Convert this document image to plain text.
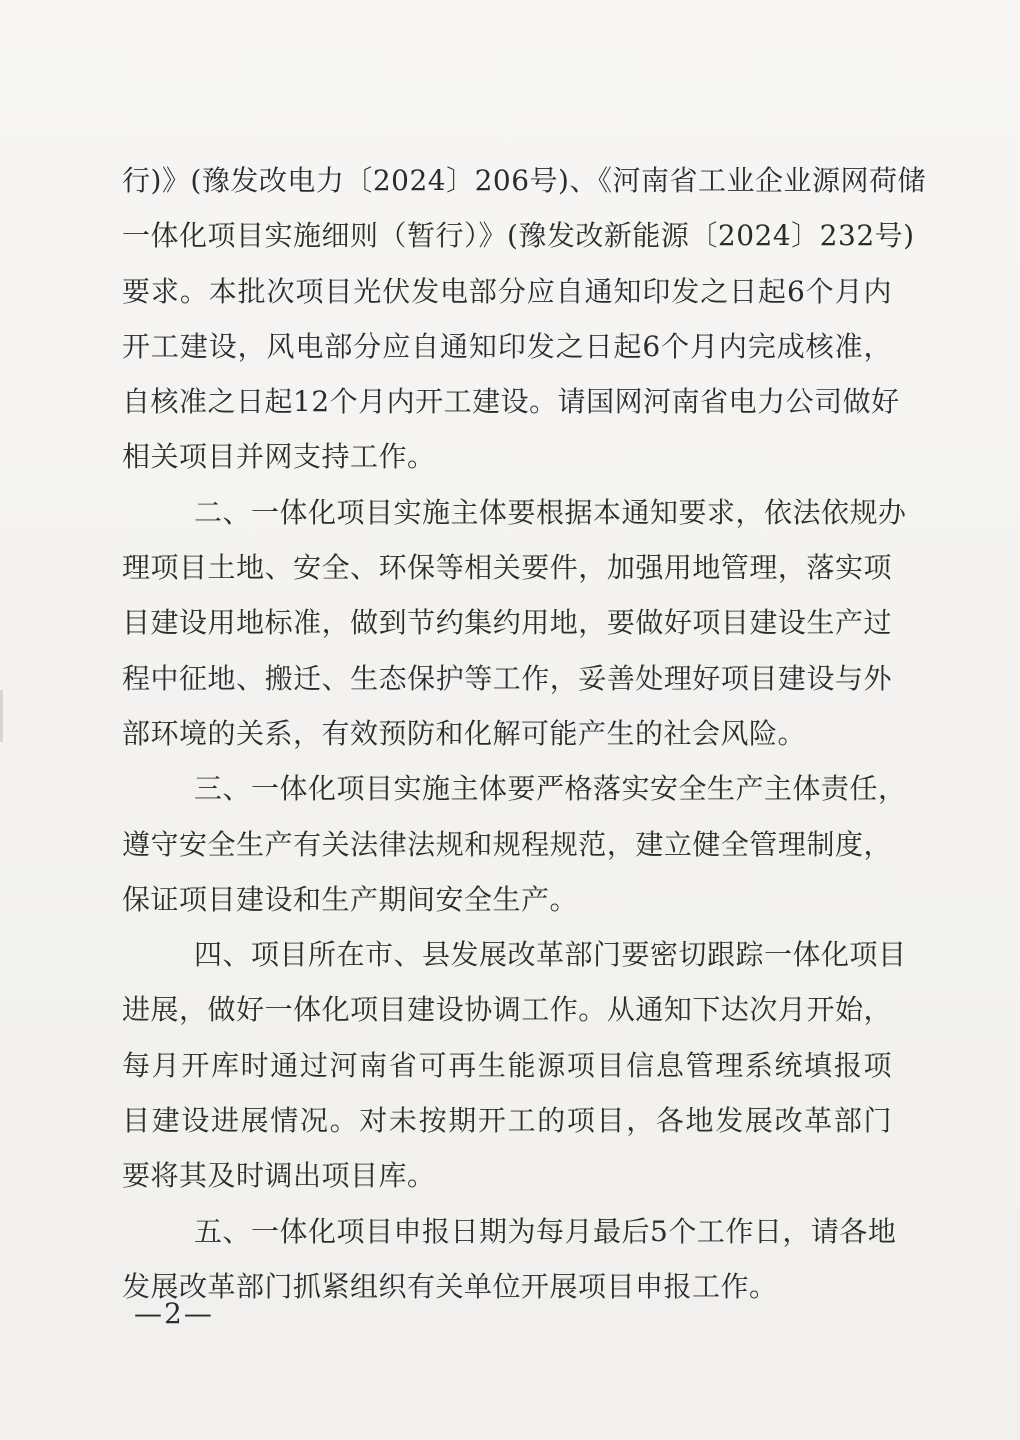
行)》(豫发改电力〔2024〕206号)、《河南省工业企业源网荷储
一体化项目实施细则（暂行）》(豫发改新能源〔2024〕232号)
要求。本批次项目光伏发电部分应自通知印发之日起6个月内
开工建设，风电部分应自通知印发之日起6个月内完成核准，
自核准之日起12个月内开工建设。请国网河南省电力公司做好
相关项目并网支持工作。
二、一体化项目实施主体要根据本通知要求，依法依规办
理项目土地、安全、环保等相关要件，加强用地管理，落实项
目建设用地标准，做到节约集约用地，要做好项目建设生产过
程中征地、搬迁、生态保护等工作，妥善处理好项目建设与外
部环境的关系，有效预防和化解可能产生的社会风险。
三、一体化项目实施主体要严格落实安全生产主体责任，
遵守安全生产有关法律法规和规程规范，建立健全管理制度，
保证项目建设和生产期间安全生产。
四、项目所在市、县发展改革部门要密切跟踪一体化项目
进展，做好一体化项目建设协调工作。从通知下达次月开始，
每月开库时通过河南省可再生能源项目信息管理系统填报项
目建设进展情况。对未按期开工的项目，各地发展改革部门
要将其及时调出项目库。
五、一体化项目申报日期为每月最后5个工作日，请各地
发展改革部门抓紧组织有关单位开展项目申报工作。
—2—
